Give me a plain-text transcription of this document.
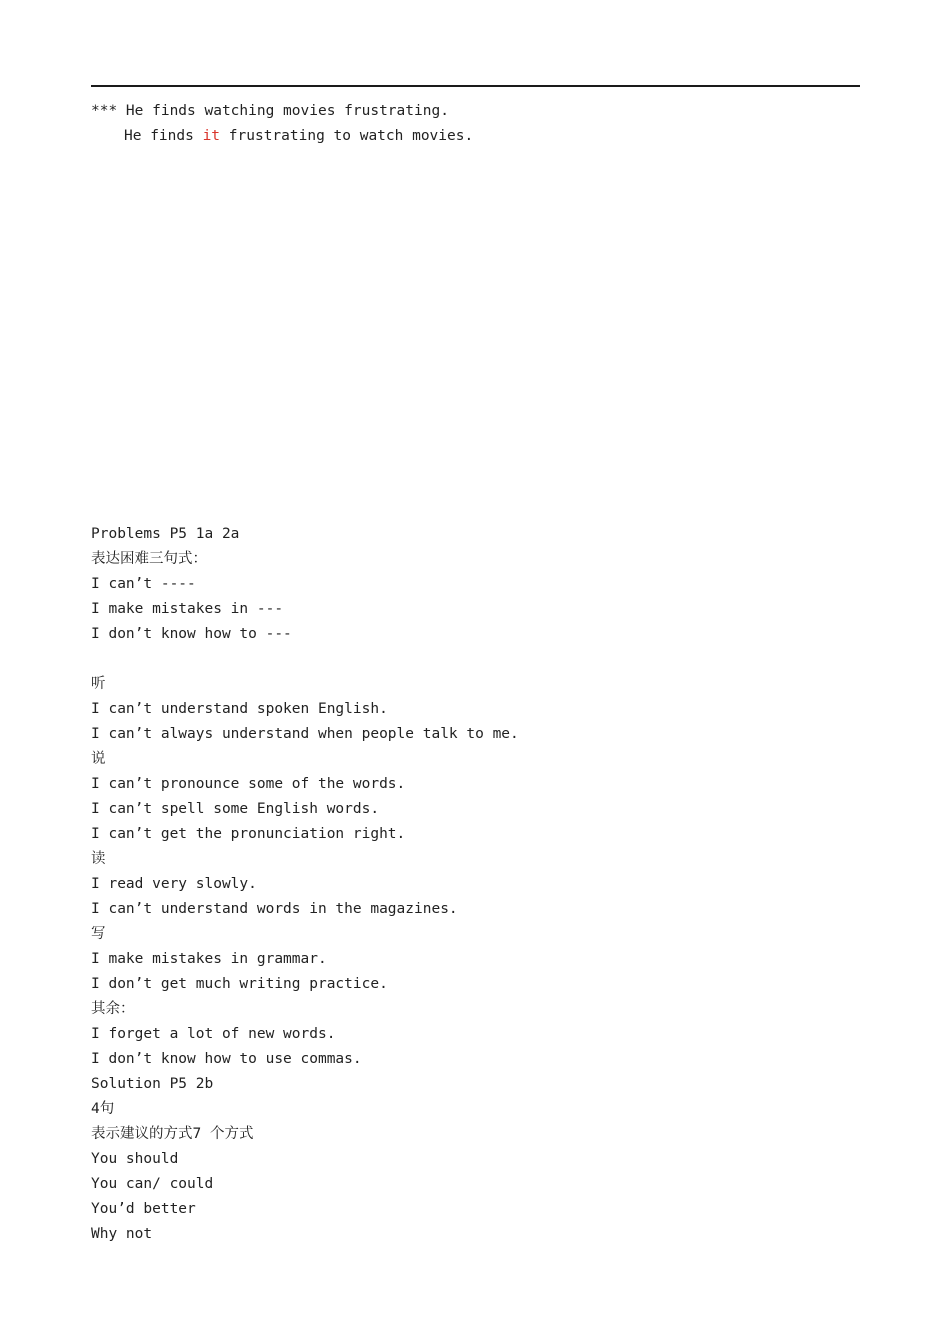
*** He finds watching movies frustrating.
He finds it frustrating to watch movies.
Problems P5 1a 2a
表达困难三句式：
I can’t ----
I make mistakes in ---
I don’t know how to ---
听
I can’t understand spoken English.
I can’t always understand when people talk to me.
说
I can’t pronounce some of the words.
I can’t spell some English words.
I can’t get the pronunciation right.
读
I read very slowly.
I can’t understand words in the magazines.
写
I make mistakes in grammar.
I don’t get much writing practice.
其余：
I forget a lot of new words.
I don’t know how to use commas.
Solution P5 2b
4句
表示建议的方式7 个方式
You should
You can/ could
You’d better
Why not
